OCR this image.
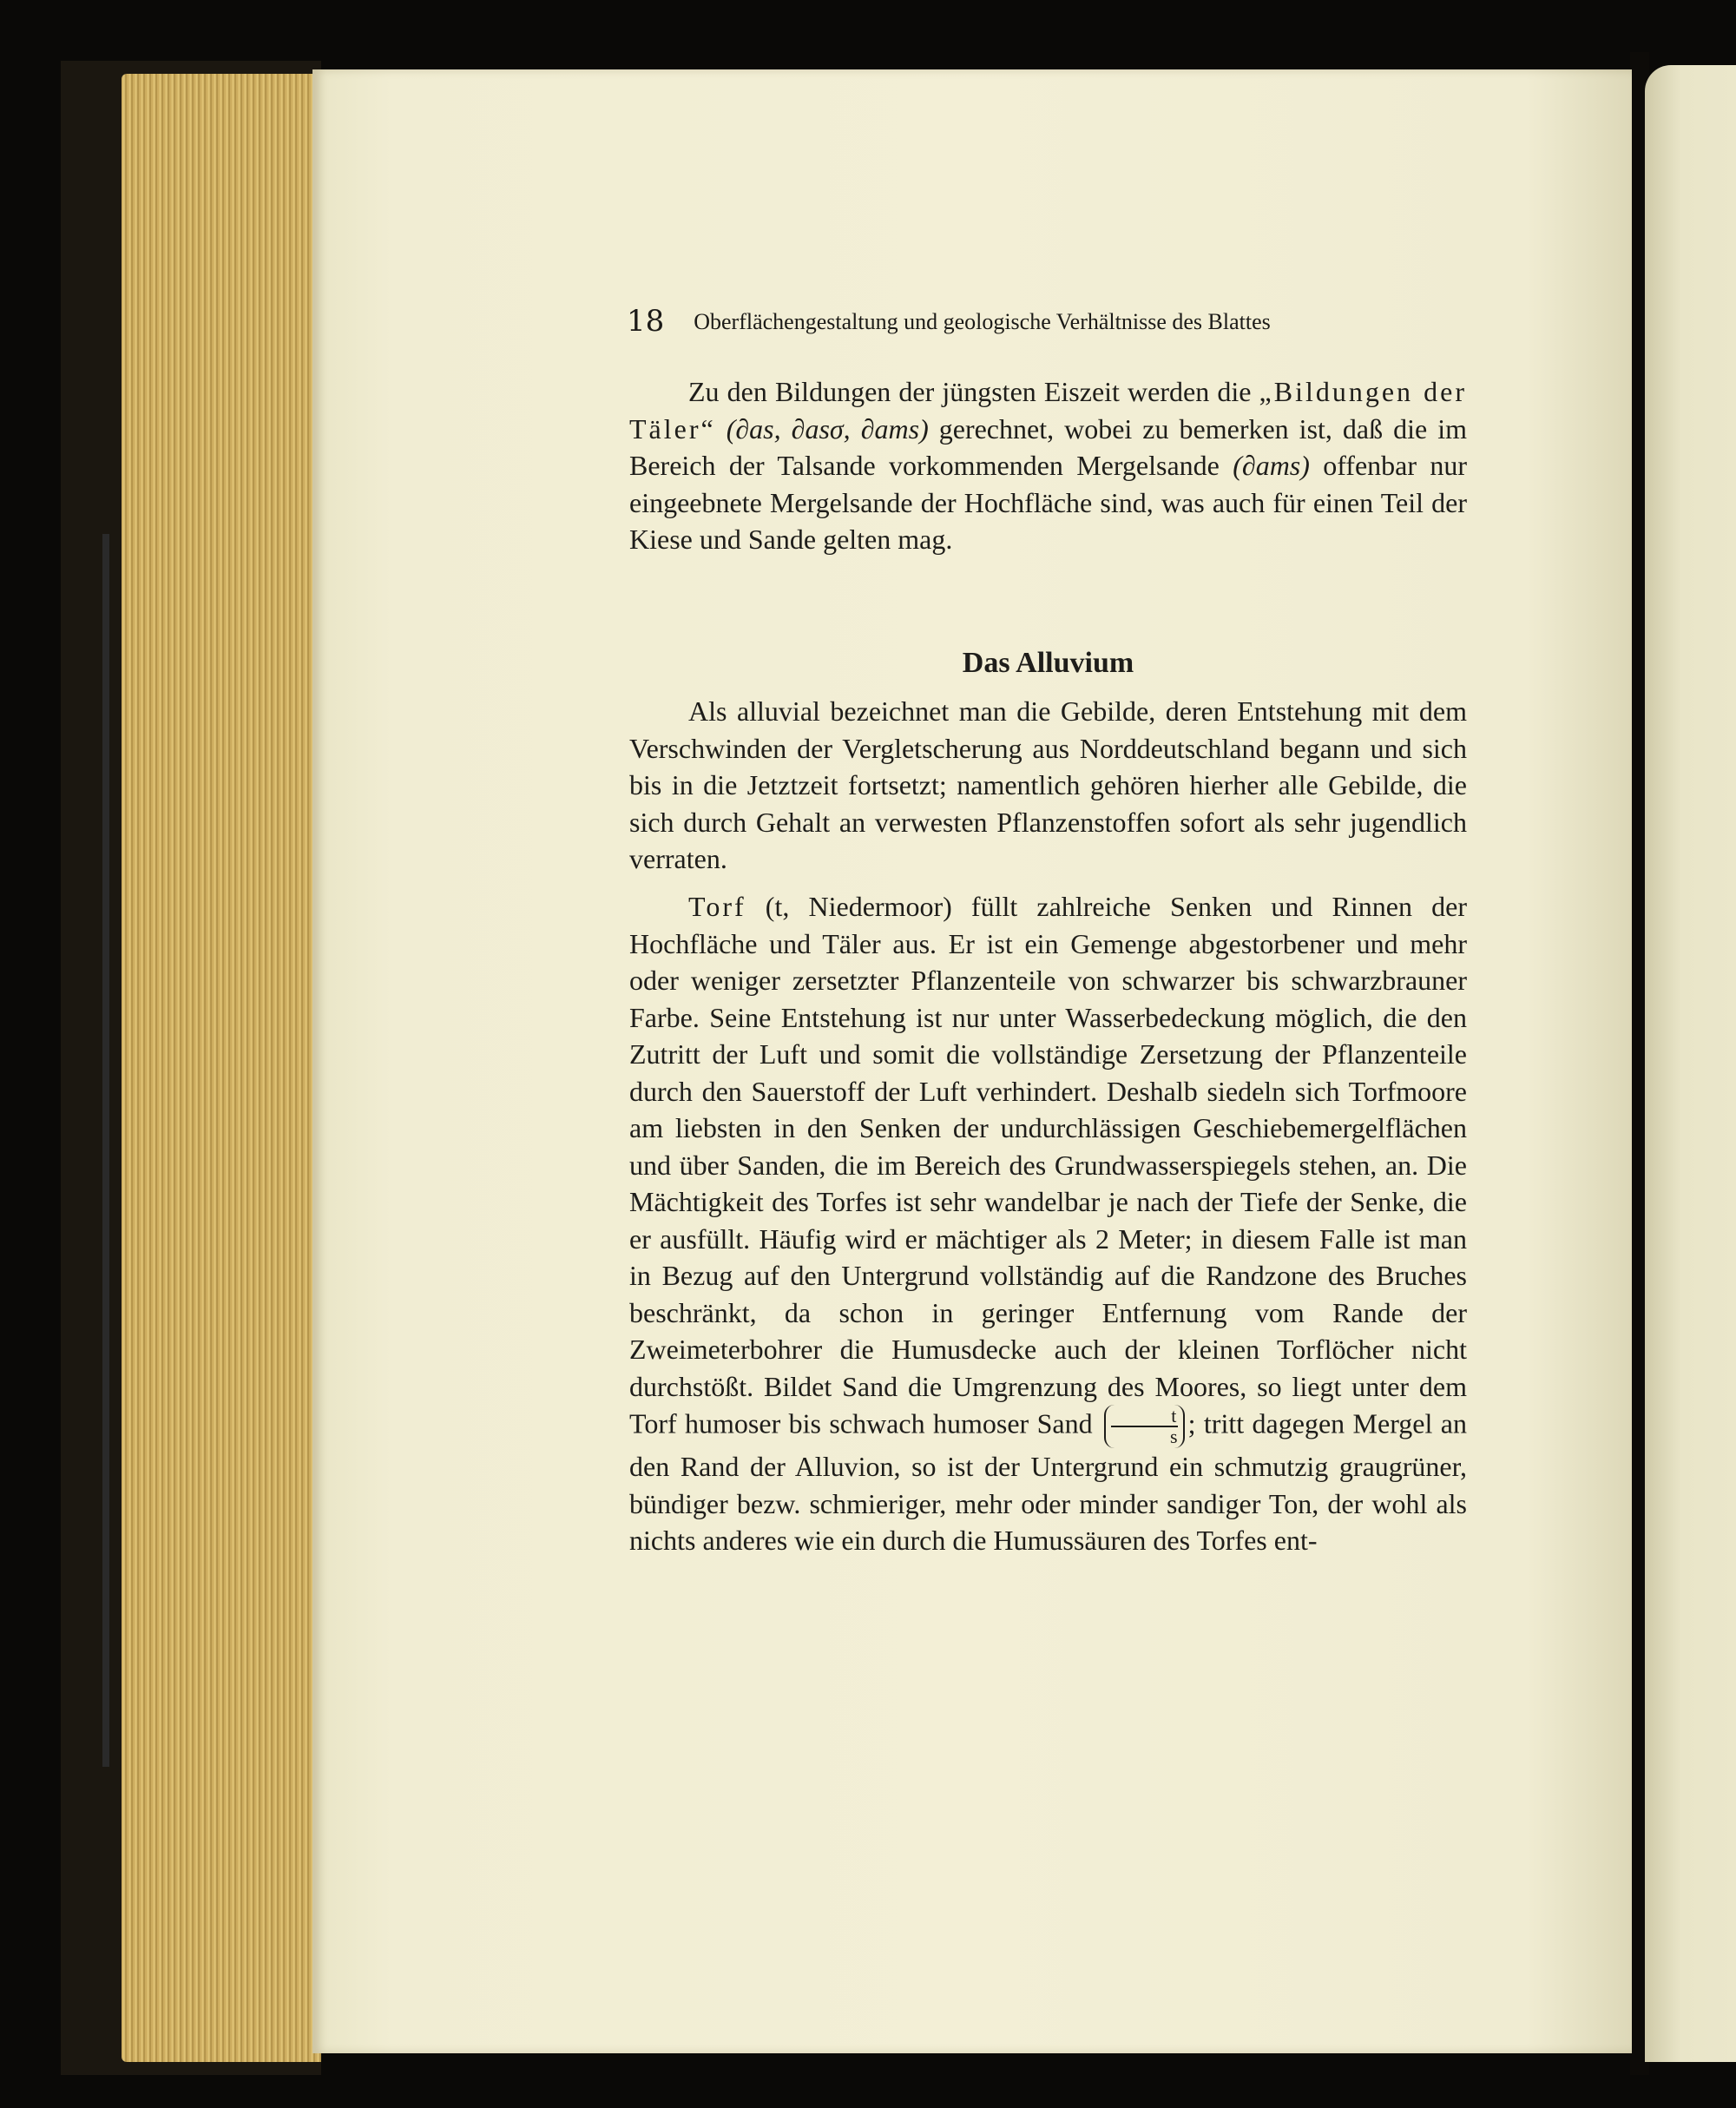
18 Oberflächengestaltung und geologische Verhältnisse des Blattes

Zu den Bildungen der jüngsten Eiszeit werden die „Bildungen der Täler“ (∂as, ∂asσ, ∂ams) gerechnet, wobei zu bemerken ist, daß die im Bereich der Talsande vorkommenden Mergelsande (∂ams) offenbar nur eingeebnete Mergelsande der Hochfläche sind, was auch für einen Teil der Kiese und Sande gelten mag.

Das Alluvium

Als alluvial bezeichnet man die Gebilde, deren Entstehung mit dem Verschwinden der Vergletscherung aus Norddeutschland begann und sich bis in die Jetztzeit fortsetzt; namentlich gehören hierher alle Gebilde, die sich durch Gehalt an verwesten Pflanzenstoffen sofort als sehr jugendlich verraten.

Torf (t, Niedermoor) füllt zahlreiche Senken und Rinnen der Hochfläche und Täler aus. Er ist ein Gemenge abgestorbener und mehr oder weniger zersetzter Pflanzenteile von schwarzer bis schwarzbrauner Farbe. Seine Entstehung ist nur unter Wasserbedeckung möglich, die den Zutritt der Luft und somit die vollständige Zersetzung der Pflanzenteile durch den Sauerstoff der Luft verhindert. Deshalb siedeln sich Torfmoore am liebsten in den Senken der undurchlässigen Geschiebemergelflächen und über Sanden, die im Bereich des Grundwasserspiegels stehen, an. Die Mächtigkeit des Torfes ist sehr wandelbar je nach der Tiefe der Senke, die er ausfüllt. Häufig wird er mächtiger als 2 Meter; in diesem Falle ist man in Bezug auf den Untergrund vollständig auf die Randzone des Bruches beschränkt, da schon in geringer Entfernung vom Rande der Zweimeterbohrer die Humusdecke auch der kleinen Torflöcher nicht durchstößt. Bildet Sand die Umgrenzung des Moores, so liegt unter dem Torf humoser bis schwach humoser Sand $\frac{t}{s}$ ; tritt dagegen Mergel an den Rand der Alluvion, so ist der Untergrund ein schmutzig graugrüner, bündiger bezw. schmieriger, mehr oder minder sandiger Ton, der wohl als nichts anderes wie ein durch die Humussäuren des Torfes ent-
